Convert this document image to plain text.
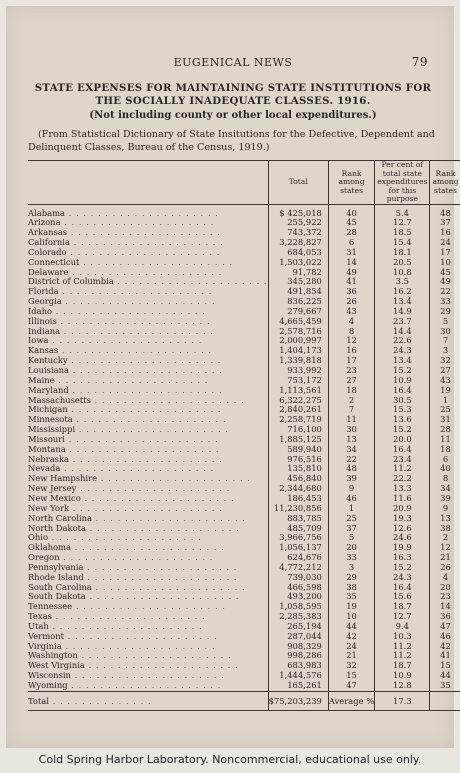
EUGENICAL NEWS	79
STATE EXPENSES FOR MAINTAINING STATE INSTITUTIONS FOR THE SOCIALLY INADEQUATE CLASSES. 1916.
(Not including county or other local expenditures.)
(From Statistical Dictionary of State Insitutions for the Defective, Dependent and Delinquent Classes, Bureau of the Census, 1919.)
	Total	Rank among states	Per cent of total state expenditures for this purpose	Rank among states
Alabama . . . . . . . . . . . . . . . . . . . . .	$ 425,018	40	5.4	48
Arizona . . . . . . . . . . . . . . . . . . . . .	255,922	45	12.7	37
Arkansas . . . . . . . . . . . . . . . . . . . . .	743,372	28	18.5	16
California . . . . . . . . . . . . . . . . . . . . .	3,228,827	6	15.4	24
Colorado . . . . . . . . . . . . . . . . . . . . .	684,053	31	18.1	17
Connecticut . . . . . . . . . . . . . . . . . . . . .	1,503,022	14	20.5	10
Delaware . . . . . . . . . . . . . . . . . . . . .	91,782	49	10.8	45
District of Columbia . . . . . . . . . . . . . . . . . . . . .	345,280	41	3.5	49
Florida . . . . . . . . . . . . . . . . . . . . .	491,854	36	16.2	22
Georgia . . . . . . . . . . . . . . . . . . . . .	836,225	26	13.4	33
Idaho . . . . . . . . . . . . . . . . . . . . .	279,667	43	14.9	29
Illinois . . . . . . . . . . . . . . . . . . . . .	4,665,459	4	23.7	5
Indiana . . . . . . . . . . . . . . . . . . . . .	2,578,716	8	14.4	30
Iowa . . . . . . . . . . . . . . . . . . . . .	2,000,997	12	22.6	7
Kansas . . . . . . . . . . . . . . . . . . . . .	1,404,173	16	24.3	3
Kentucky . . . . . . . . . . . . . . . . . . . . .	1,339,818	17	13.4	32
Louisiana . . . . . . . . . . . . . . . . . . . . .	933,992	23	15.2	27
Maine . . . . . . . . . . . . . . . . . . . . .	753,172	27	10.9	43
Maryland . . . . . . . . . . . . . . . . . . . . .	1,113,561	18	16.4	19
Massachusetts . . . . . . . . . . . . . . . . . . . . .	6,322,275	2	30.5	1
Michigan . . . . . . . . . . . . . . . . . . . . .	2,840,261	7	15.3	25
Minnesota . . . . . . . . . . . . . . . . . . . . .	2,258,719	11	13.6	31
Mississippi . . . . . . . . . . . . . . . . . . . . .	716,100	30	15.2	28
Missouri . . . . . . . . . . . . . . . . . . . . .	1,885,125	13	20.0	11
Montana . . . . . . . . . . . . . . . . . . . . .	589,940	34	16.4	18
Nebraska . . . . . . . . . . . . . . . . . . . . .	976,516	22	23.4	6
Nevada . . . . . . . . . . . . . . . . . . . . .	135,810	48	11.2	40
New Hampshire . . . . . . . . . . . . . . . . . . . . .	456,840	39	22.2	8
New Jersey . . . . . . . . . . . . . . . . . . . . .	2,344,680	9	13.3	34
New Mexico . . . . . . . . . . . . . . . . . . . . .	186,453	46	11.6	39
New York . . . . . . . . . . . . . . . . . . . . .	11,230,856	1	20.9	9
North Carolina . . . . . . . . . . . . . . . . . . . . .	883,785	25	19.3	13
North Dakota . . . . . . . . . . . . . . . . . . . . .	485,709	37	12.6	38
Ohio . . . . . . . . . . . . . . . . . . . . .	3,966,756	5	24.6	2
Oklahoma . . . . . . . . . . . . . . . . . . . . .	1,056,137	20	19.9	12
Oregon . . . . . . . . . . . . . . . . . . . . .	624,676	33	16.3	21
Pennsylvania . . . . . . . . . . . . . . . . . . . . .	4,772,212	3	15.2	26
Rhode Island . . . . . . . . . . . . . . . . . . . . .	739,030	29	24.3	4
South Carolina . . . . . . . . . . . . . . . . . . . . .	466,598	38	16.4	20
South Dakota . . . . . . . . . . . . . . . . . . . . .	493,200	35	15.6	23
Tennessee . . . . . . . . . . . . . . . . . . . . .	1,058,595	19	18.7	14
Texas . . . . . . . . . . . . . . . . . . . . .	2,285,383	10	12.7	36
Utah . . . . . . . . . . . . . . . . . . . . .	265,194	44	9.4	47
Vermont . . . . . . . . . . . . . . . . . . . . .	287,044	42	10.3	46
Virginia . . . . . . . . . . . . . . . . . . . . .	908,329	24	11.2	42
Washington . . . . . . . . . . . . . . . . . . . . .	998,286	21	11.2	41
West Virginia . . . . . . . . . . . . . . . . . . . . .	683,983	32	18.7	15
Wisconsin . . . . . . . . . . . . . . . . . . . . .	1,444,576	15	10.9	44
Wyoming . . . . . . . . . . . . . . . . . . . . .	165,261	47	12.8	35
Total . . . . . . . . . . . . . .	$75,203,239	Average %	17.3	
Cold Spring Harbor Laboratory. Noncommercial, educational use only.
